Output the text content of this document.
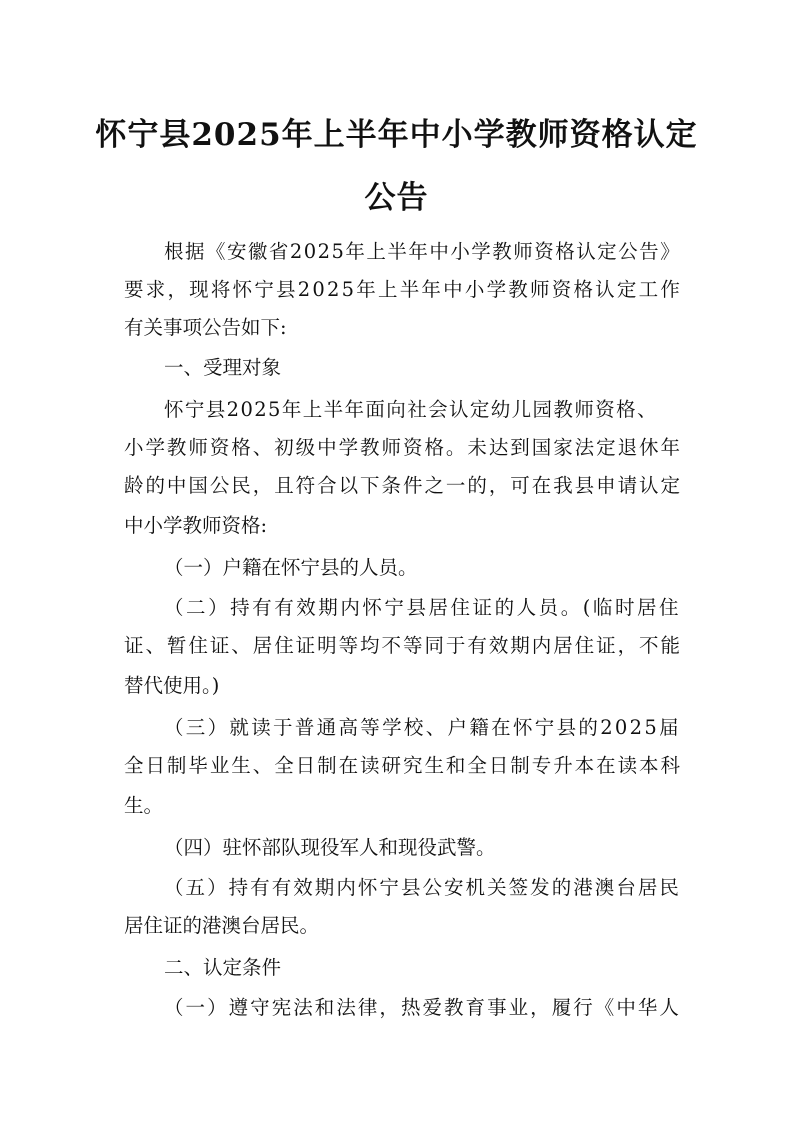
怀宁县2025年上半年中小学教师资格认定
公告
根据《安徽省2025年上半年中小学教师资格认定公告》
要求，现将怀宁县2025年上半年中小学教师资格认定工作
有关事项公告如下:
一、受理对象
怀宁县2025年上半年面向社会认定幼儿园教师资格、
小学教师资格、初级中学教师资格。未达到国家法定退休年
龄的中国公民，且符合以下条件之一的，可在我县申请认定
中小学教师资格:
（一）户籍在怀宁县的人员。
（二）持有有效期内怀宁县居住证的人员。(临时居住
证、暂住证、居住证明等均不等同于有效期内居住证，不能
替代使用。)
（三）就读于普通高等学校、户籍在怀宁县的2025届
全日制毕业生、全日制在读研究生和全日制专升本在读本科
生。
（四）驻怀部队现役军人和现役武警。
（五）持有有效期内怀宁县公安机关签发的港澳台居民
居住证的港澳台居民。
二、认定条件
（一）遵守宪法和法律，热爱教育事业，履行《中华人
